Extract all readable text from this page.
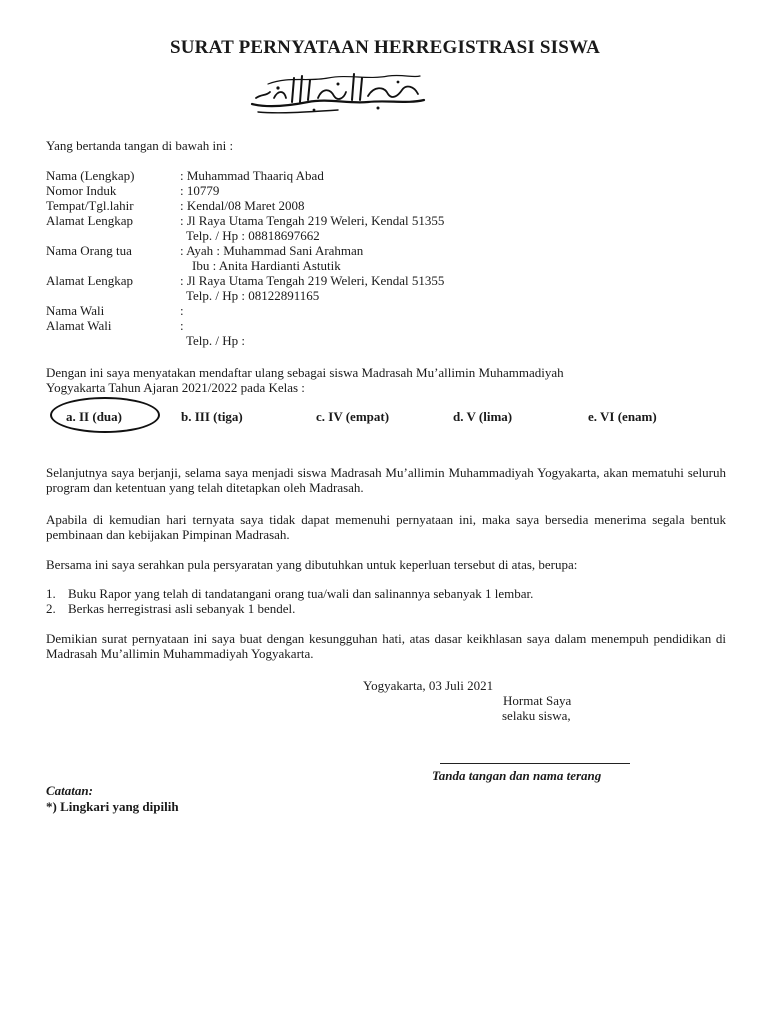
SURAT PERNYATAAN HERREGISTRASI SISWA
Yang bertanda tangan di bawah ini :
Nama (Lengkap)	: Muhammad Thaariq Abad
Nomor Induk	: 10779
Tempat/Tgl.lahir	: Kendal/08 Maret 2008
Alamat Lengkap	: Jl Raya Utama Tengah 219 Weleri, Kendal 51355
Telp. / Hp : 08818697662
Nama Orang tua	: Ayah : Muhammad Sani Arahman
Ibu : Anita Hardianti Astutik
Alamat Lengkap	: Jl Raya Utama Tengah 219 Weleri, Kendal 51355
Telp. / Hp : 08122891165
Nama Wali	:
Alamat Wali	:
Telp. / Hp :
Dengan ini saya menyatakan mendaftar ulang sebagai siswa Madrasah Mu’allimin Muhammadiyah
Yogyakarta Tahun Ajaran 2021/2022 pada Kelas :
a. II (dua)	b. III (tiga)	c. IV (empat)	d. V (lima)	e. VI (enam)
Selanjutnya saya berjanji, selama saya menjadi siswa Madrasah Mu’allimin Muhammadiyah Yogyakarta, akan mematuhi seluruh program dan ketentuan yang telah ditetapkan oleh Madrasah.
Apabila di kemudian hari ternyata saya tidak dapat memenuhi pernyataan ini, maka saya bersedia menerima segala bentuk pembinaan dan kebijakan Pimpinan Madrasah.
Bersama ini saya serahkan pula persyaratan yang dibutuhkan untuk keperluan tersebut di atas, berupa:
1. Buku Rapor yang telah di tandatangani orang tua/wali dan salinannya sebanyak 1 lembar.
2. Berkas herregistrasi asli sebanyak 1 bendel.
Demikian surat pernyataan ini saya buat dengan kesungguhan hati, atas dasar keikhlasan saya dalam menempuh pendidikan di Madrasah Mu’allimin Muhammadiyah Yogyakarta.
Yogyakarta, 03 Juli 2021
Hormat Saya
selaku siswa,
Tanda tangan dan nama terang
Catatan:
*) Lingkari yang dipilih
